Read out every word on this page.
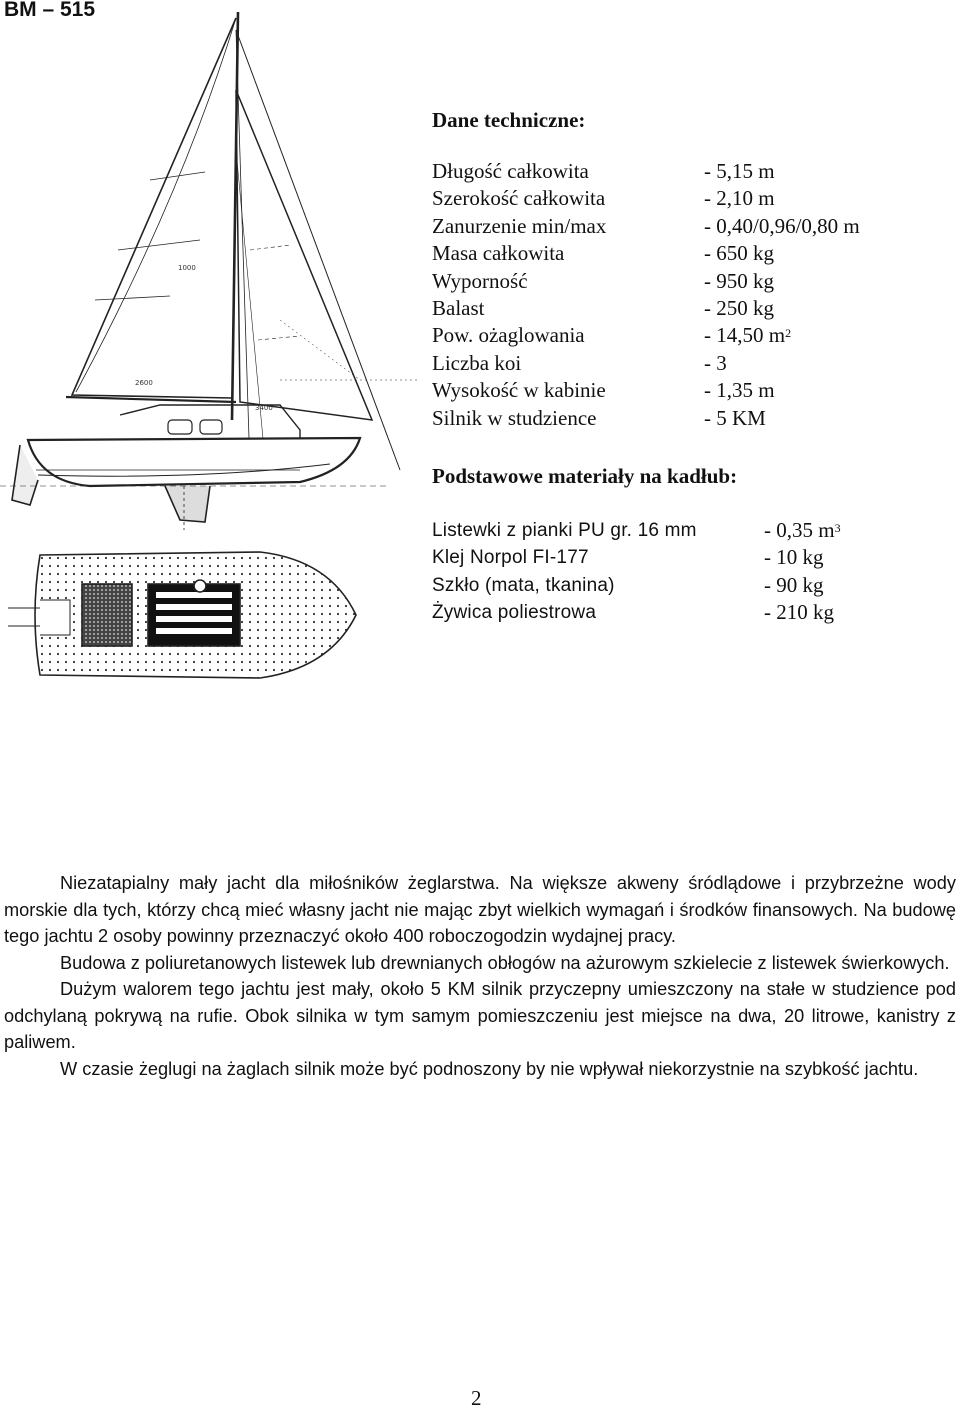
BM – 515
1000
2600
3400
Dane techniczne:
Długość całkowita	- 5,15 m
Szerokość całkowita	- 2,10 m
Zanurzenie min/max	- 0,40/0,96/0,80 m
Masa całkowita	- 650 kg
Wyporność	- 950 kg
Balast	- 250 kg
Pow. ożaglowania	- 14,50 $m^2$
Liczba koi	- 3
Wysokość w kabinie	- 1,35 m
Silnik w studzience	- 5 KM
Podstawowe materiały na kadłub:
Listewki z pianki PU gr. 16 mm	- 0,35 $m^3$
Klej Norpol FI-177	- 10 kg
Szkło (mata, tkanina)	- 90 kg
Żywica poliestrowa	- 210 kg

Niezatapialny mały jacht dla miłośników żeglarstwa. Na większe akweny śródlądowe i przybrzeżne wody morskie dla tych, którzy chcą mieć własny jacht nie mając zbyt wielkich wymagań i środków finansowych. Na budowę tego jachtu 2 osoby powinny przeznaczyć około 400 roboczogodzin wydajnej pracy.

Budowa z poliuretanowych listewek lub drewnianych obłogów na ażurowym szkielecie z listewek świerkowych.

Dużym walorem tego jachtu jest mały, około 5 KM silnik przyczepny umieszczony na stałe w studzience pod odchylaną pokrywą na rufie. Obok silnika w tym samym pomieszczeniu jest miejsce na dwa, 20 litrowe, kanistry z paliwem.

W czasie żeglugi na żaglach silnik może być podnoszony by nie wpływał niekorzystnie na szybkość jachtu.

2
